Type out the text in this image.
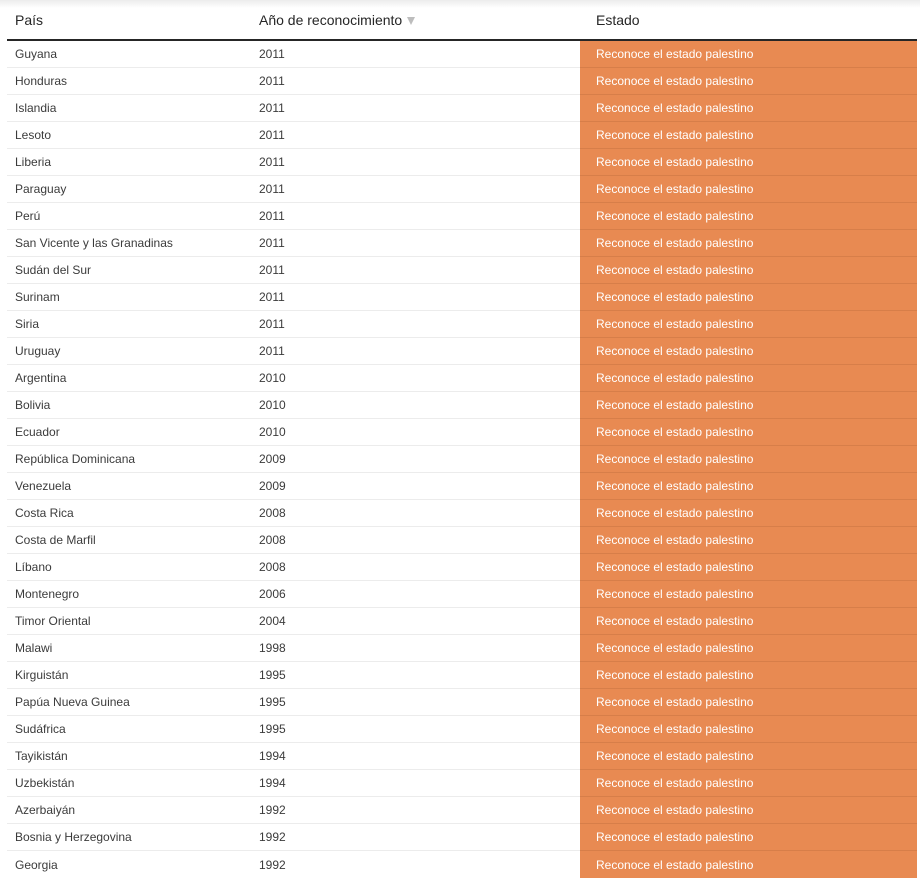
País	Año de reconocimiento	Estado
Guyana	2011	Reconoce el estado palestino
Honduras	2011	Reconoce el estado palestino
Islandia	2011	Reconoce el estado palestino
Lesoto	2011	Reconoce el estado palestino
Liberia	2011	Reconoce el estado palestino
Paraguay	2011	Reconoce el estado palestino
Perú	2011	Reconoce el estado palestino
San Vicente y las Granadinas	2011	Reconoce el estado palestino
Sudán del Sur	2011	Reconoce el estado palestino
Surinam	2011	Reconoce el estado palestino
Siria	2011	Reconoce el estado palestino
Uruguay	2011	Reconoce el estado palestino
Argentina	2010	Reconoce el estado palestino
Bolivia	2010	Reconoce el estado palestino
Ecuador	2010	Reconoce el estado palestino
República Dominicana	2009	Reconoce el estado palestino
Venezuela	2009	Reconoce el estado palestino
Costa Rica	2008	Reconoce el estado palestino
Costa de Marfil	2008	Reconoce el estado palestino
Líbano	2008	Reconoce el estado palestino
Montenegro	2006	Reconoce el estado palestino
Timor Oriental	2004	Reconoce el estado palestino
Malawi	1998	Reconoce el estado palestino
Kirguistán	1995	Reconoce el estado palestino
Papúa Nueva Guinea	1995	Reconoce el estado palestino
Sudáfrica	1995	Reconoce el estado palestino
Tayikistán	1994	Reconoce el estado palestino
Uzbekistán	1994	Reconoce el estado palestino
Azerbaiyán	1992	Reconoce el estado palestino
Bosnia y Herzegovina	1992	Reconoce el estado palestino
Georgia	1992	Reconoce el estado palestino
